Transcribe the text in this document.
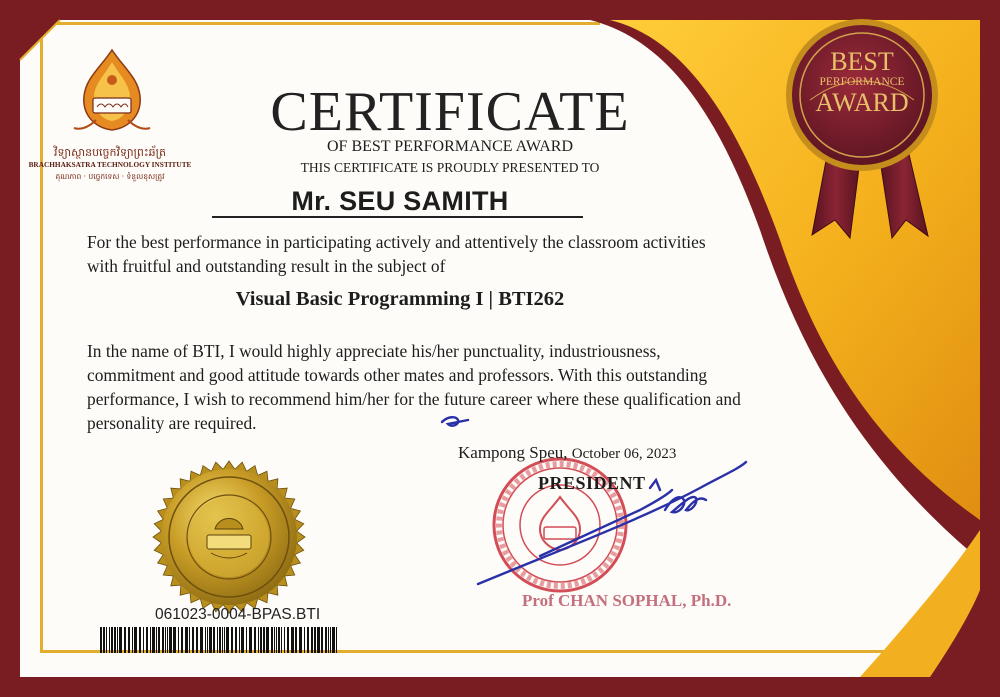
BEST
PERFORMANCE
AWARD
វិទ្យាស្ថានបច្ចេកវិទ្យាព្រះឆ័ត្រ
BRACHHAKSATRA TECHNOLOGY INSTITUTE
គុណភាព · បច្ចេកទេស · ទំនួលខុសត្រូវ
CERTIFICATE
OF BEST PERFORMANCE AWARD
THIS CERTIFICATE IS PROUDLY PRESENTED TO
Mr. SEU SAMITH
For the best performance in participating actively and attentively the classroom activities with fruitful and outstanding result in the subject of
Visual Basic Programming I | BTI262
In the name of BTI, I would highly appreciate his/her punctuality, industriousness, commitment and good attitude towards other mates and professors. With this outstanding performance, I wish to recommend him/her for the future career where these qualification and personality are required.
Kampong Speu, October 06, 2023
PRESIDENT
Prof CHAN SOPHAL, Ph.D.
061023-0004-BPAS.BTI
